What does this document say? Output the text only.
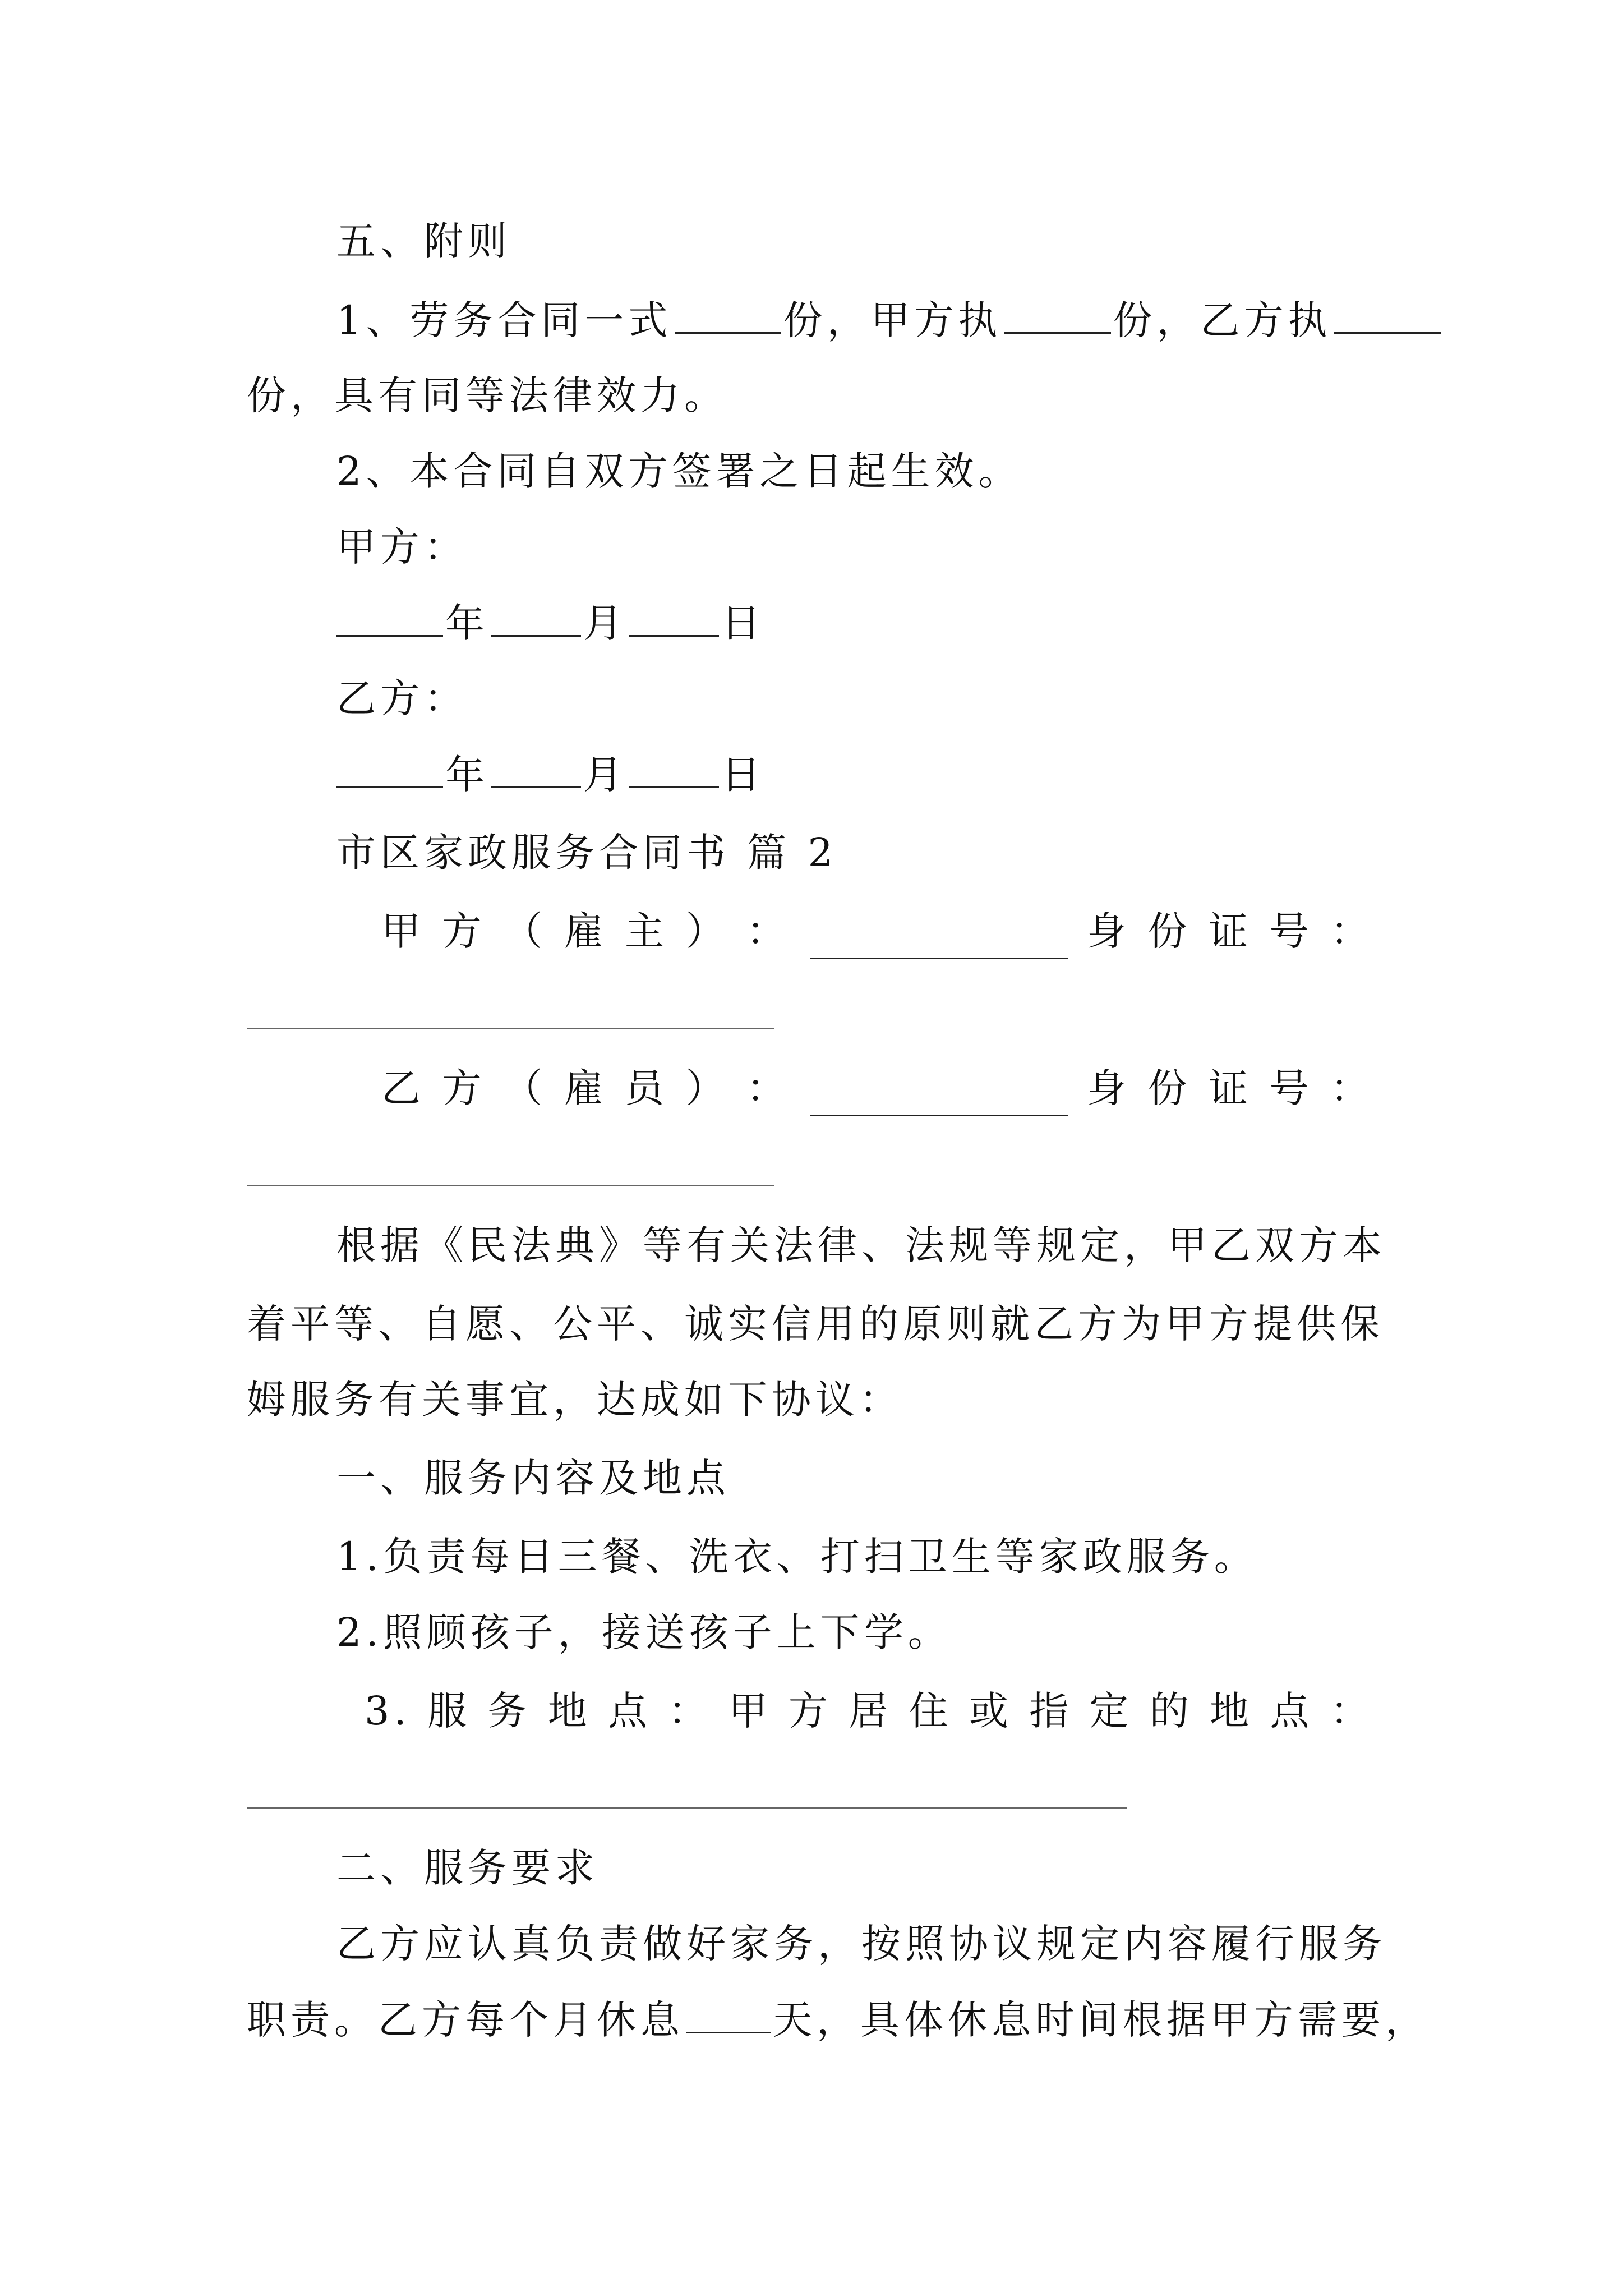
五、附则
1、劳务合同一式	份，甲方执	份，乙方执
份，具有同等法律效力。
2、本合同自双方签署之日起生效。
甲方：
年 月 日
乙方：
年 月 日
市区家政服务合同书 篇 2
甲 方 （ 雇 主 ） ：	身 份 证 号 ：
乙 方 （ 雇 员 ） ：	身 份 证 号 ：
根据《民法典》等有关法律、法规等规定，甲乙双方本
着平等、自愿、公平、诚实信用的原则就乙方为甲方提供保
姆服务有关事宜，达成如下协议：
一、服务内容及地点
1.负责每日三餐、洗衣、打扫卫生等家政服务。
2.照顾孩子，接送孩子上下学。
3. 服 务 地 点 ： 甲 方 居 住 或 指 定 的 地 点 ：
二、服务要求
乙方应认真负责做好家务，按照协议规定内容履行服务
职责。乙方每个月休息 天，具体休息时间根据甲方需要，
